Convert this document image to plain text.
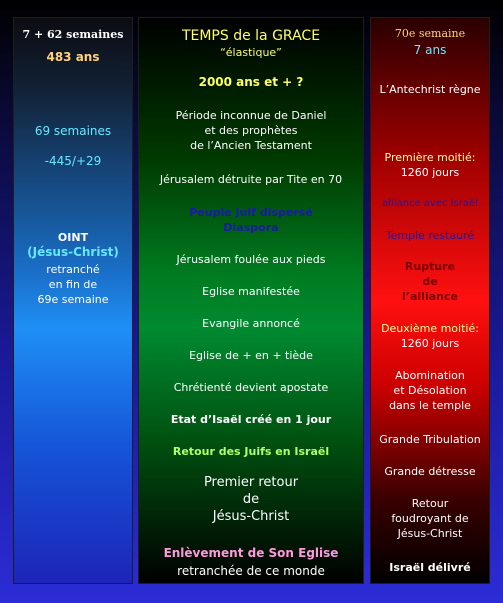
7 + 62 semaines

483 ans

69 semaines

-445/+29

OINT

(Jésus-Christ)

retranché
en fin de
69e semaine

TEMPS de la GRACE

“élastique”

2000 ans et + ?

Période inconnue de Daniel
et des prophètes
de l’Ancien Testament

Jérusalem détruite par Tite en 70

Peuple Juif dispersé
Diaspora

Jérusalem foulée aux pieds

Eglise manifestée

Evangile annoncé

Eglise de + en + tiède

Chrétienté devient apostate

Etat d’Isaël créé en 1 jour

Retour des Juifs en Israël

Premier retour
de
Jésus-Christ

Enlèvement de Son Eglise

retranchée de ce monde

70e semaine

7 ans

L’Antechrist règne

Première moitié:

1260 jours

alliance avec Israël

Temple restauré

Rupture
de
l’alliance

Deuxième moitié:

1260 jours

Abomination
et Désolation
dans le temple

Grande Tribulation

Grande détresse

Retour
foudroyant de
Jésus-Christ

Israël délivré
